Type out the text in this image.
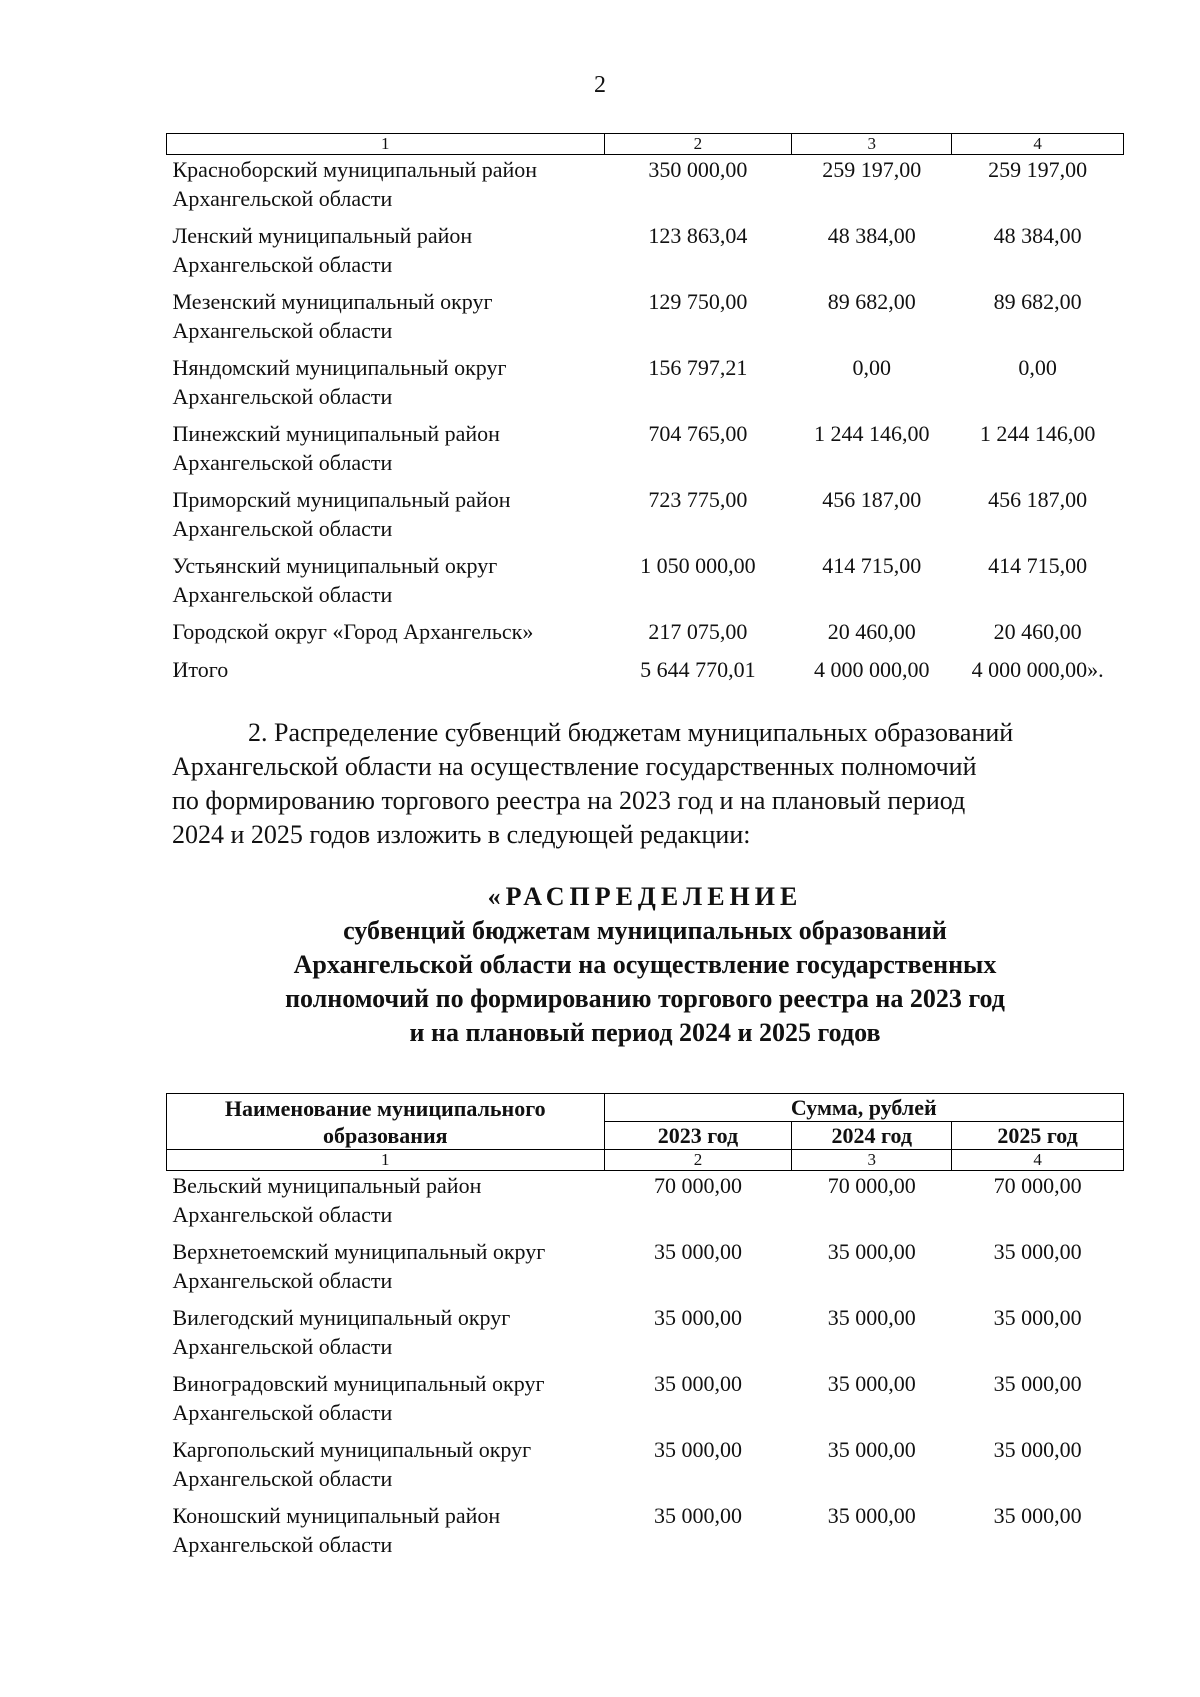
2
1	2	3	4

Красноборский муниципальный район
Архангельской области	350 000,00	259 197,00	259 197,00

Ленский муниципальный район
Архангельской области	123 863,04	48 384,00	48 384,00

Мезенский муниципальный округ
Архангельской области	129 750,00	89 682,00	89 682,00

Няндомский муниципальный округ
Архангельской области	156 797,21	0,00	0,00

Пинежский муниципальный район
Архангельской области	704 765,00	1 244 146,00	1 244 146,00

Приморский муниципальный район
Архангельской области	723 775,00	456 187,00	456 187,00

Устьянский муниципальный округ
Архангельской области	1 050 000,00	414 715,00	414 715,00
Городской округ «Город Архангельск»	217 075,00	20 460,00	20 460,00
Итого	5 644 770,01	4 000 000,00	4 000 000,00».
2. Распределение субвенций бюджетам муниципальных образований
Архангельской области на осуществление государственных полномочий
по формированию торгового реестра на 2023 год и на плановый период
2024 и 2025 годов изложить в следующей редакции:
«РАСПРЕДЕЛЕНИЕ
субвенций бюджетам муниципальных образований
Архангельской области на осуществление государственных
полномочий по формированию торгового реестра на 2023 год
и на плановый период 2024 и 2025 годов
Наименование муниципального
образования	Сумма, рублей		
	2023 год	2024 год	2025 год
1	2	3	4

Вельский муниципальный район
Архангельской области	70 000,00	70 000,00	70 000,00

Верхнетоемский муниципальный округ
Архангельской области	35 000,00	35 000,00	35 000,00

Вилегодский муниципальный округ
Архангельской области	35 000,00	35 000,00	35 000,00

Виноградовский муниципальный округ
Архангельской области	35 000,00	35 000,00	35 000,00

Каргопольский муниципальный округ
Архангельской области	35 000,00	35 000,00	35 000,00

Коношский муниципальный район
Архангельской области	35 000,00	35 000,00	35 000,00
